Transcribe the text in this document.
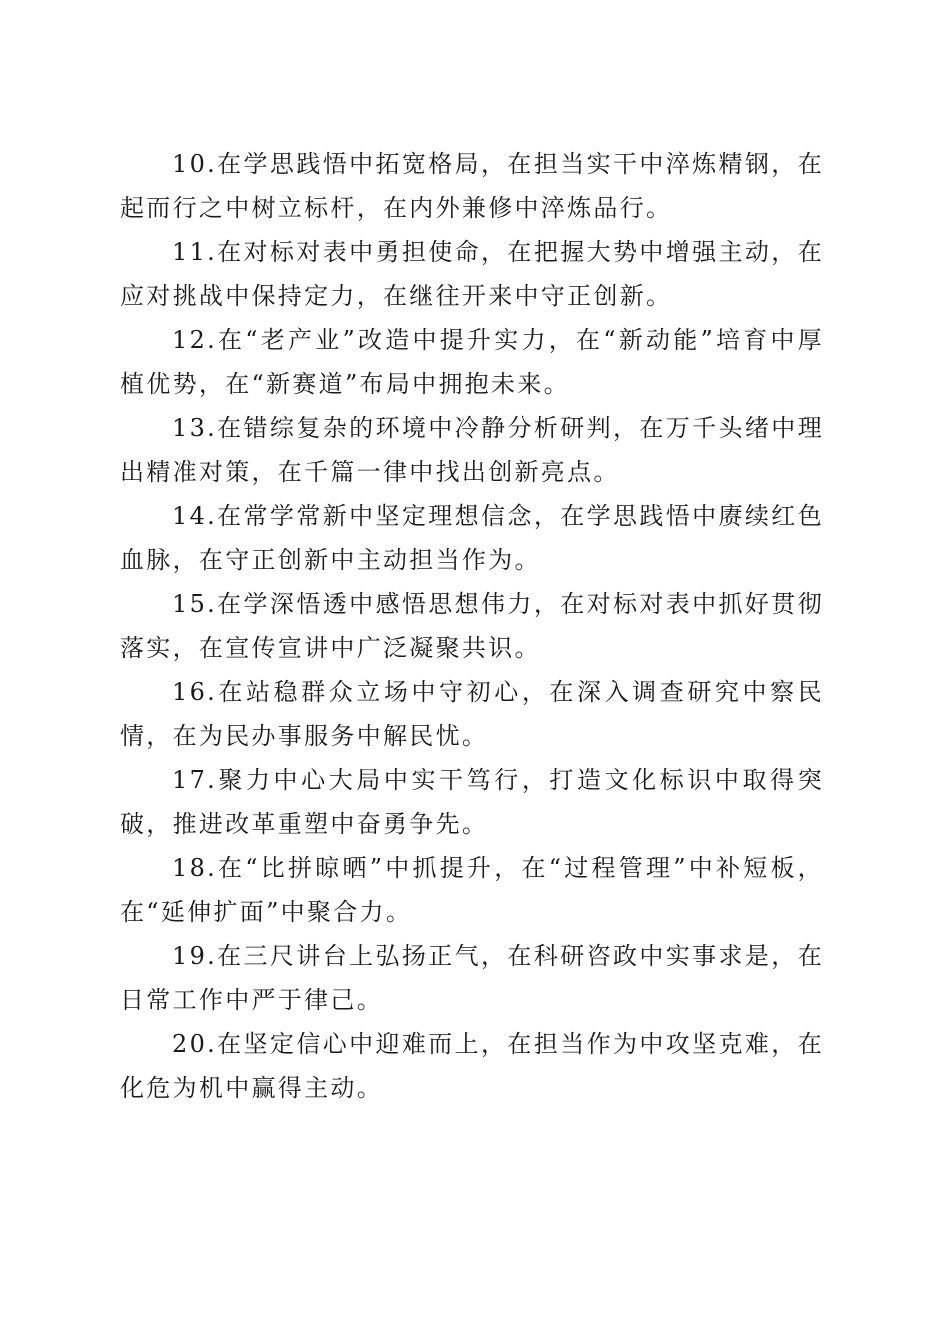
10.在学思践悟中拓宽格局，在担当实干中淬炼精钢，在起而行之中树立标杆，在内外兼修中淬炼品行。

11.在对标对表中勇担使命，在把握大势中增强主动，在应对挑战中保持定力，在继往开来中守正创新。

12.在“老产业”改造中提升实力，在“新动能”培育中厚植优势，在“新赛道”布局中拥抱未来。

13.在错综复杂的环境中冷静分析研判，在万千头绪中理出精准对策，在千篇一律中找出创新亮点。

14.在常学常新中坚定理想信念，在学思践悟中赓续红色血脉，在守正创新中主动担当作为。

15.在学深悟透中感悟思想伟力，在对标对表中抓好贯彻落实，在宣传宣讲中广泛凝聚共识。

16.在站稳群众立场中守初心，在深入调查研究中察民情，在为民办事服务中解民忧。

17.聚力中心大局中实干笃行，打造文化标识中取得突破，推进改革重塑中奋勇争先。

18.在“比拼晾晒”中抓提升，在“过程管理”中补短板，在“延伸扩面”中聚合力。

19.在三尺讲台上弘扬正气，在科研咨政中实事求是，在日常工作中严于律己。

20.在坚定信心中迎难而上，在担当作为中攻坚克难，在化危为机中赢得主动。
